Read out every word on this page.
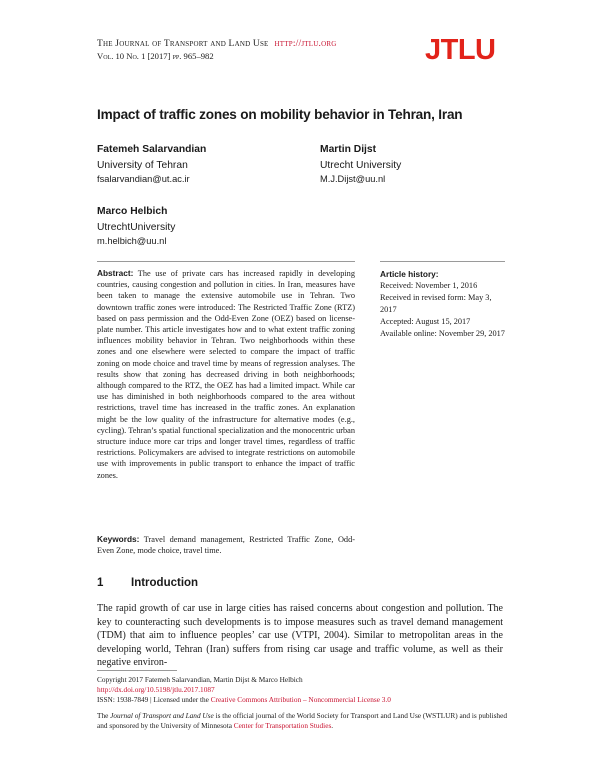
The Journal of Transport and Land Use http://jtlu.org
Vol. 10 No. 1 [2017] pp. 965–982	JTLU
Impact of traffic zones on mobility behavior in Tehran, Iran
Fatemeh Salarvandian
University of Tehran
fsalarvandian@ut.ac.ir
Martin Dijst
Utrecht University
M.J.Dijst@uu.nl
Marco Helbich
UtrechtUniversity
m.helbich@uu.nl
Abstract: The use of private cars has increased rapidly in developing countries, causing congestion and pollution in cities. In Iran, measures have been taken to manage the extensive automobile use in Tehran. Two downtown traffic zones were introduced: The Restricted Traffic Zone (RTZ) based on pass permission and the Odd-Even Zone (OEZ) based on license-plate number. This article investigates how and to what extent traffic zoning influences mobility behavior in Tehran. Two neighborhoods within these zones and one elsewhere were selected to compare the impact of traffic zoning on mode choice and travel time by means of regression analyses. The results show that zoning has decreased driving in both neighborhoods; although compared to the RTZ, the OEZ has had a limited impact. While car use has diminished in both neighborhoods compared to the area without restrictions, travel time has increased in the traffic zones. An explanation might be the low quality of the infrastructure for alternative modes (e.g., cycling). Tehran’s spatial functional specialization and the monocentric urban structure induce more car trips and longer travel times, regardless of traffic restrictions. Policymakers are advised to integrate restrictions on automobile use with improvements in public transport to enhance the impact of traffic zones.
Article history:
Received: November 1, 2016
Received in revised form: May 3, 2017
Accepted: August 15, 2017
Available online: November 29, 2017
Keywords: Travel demand management, Restricted Traffic Zone, Odd-Even Zone, mode choice, travel time.
1 Introduction
The rapid growth of car use in large cities has raised concerns about congestion and pollution. The key to counteracting such developments is to impose measures such as travel demand management (TDM) that aim to influence peoples’ car use (VTPI, 2004). Similar to metropolitan areas in the developing world, Tehran (Iran) suffers from rising car usage and traffic volume, as well as their negative environ-
Copyright 2017 Fatemeh Salarvandian, Martin Dijst & Marco Helbich
http://dx.doi.org/10.5198/jtlu.2017.1087
ISSN: 1938-7849 | Licensed under the Creative Commons Attribution – Noncommercial License 3.0
The Journal of Transport and Land Use is the official journal of the World Society for Transport and Land Use (WSTLUR) and is published and sponsored by the University of Minnesota Center for Transportation Studies.
